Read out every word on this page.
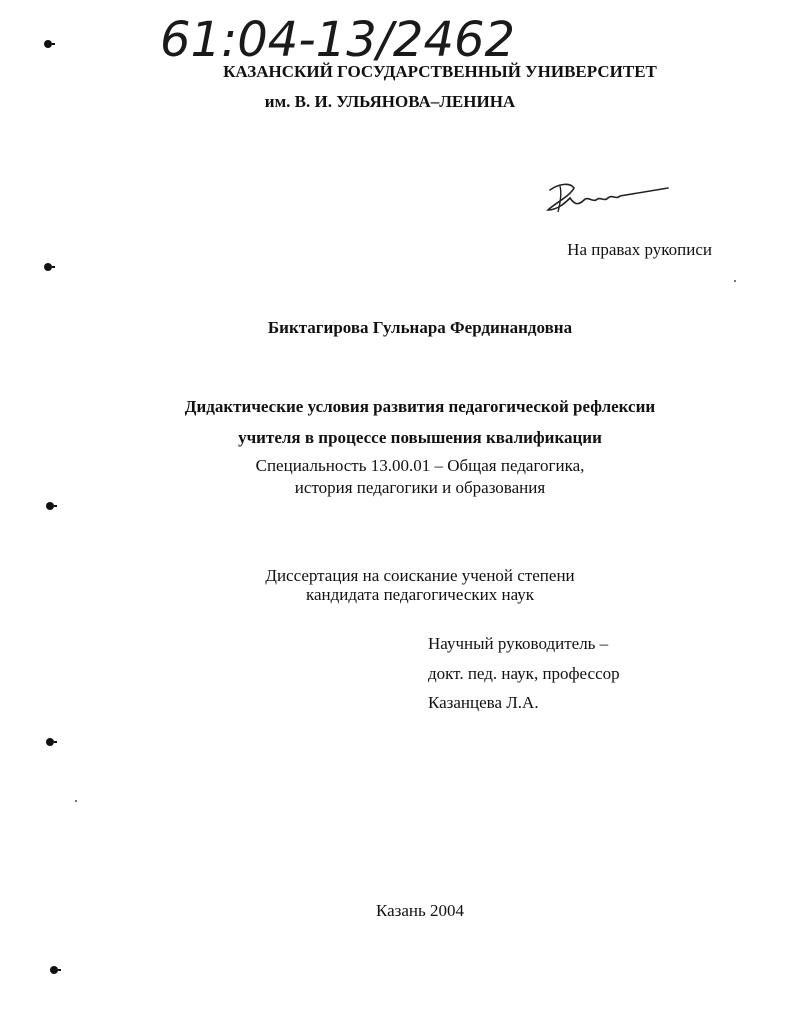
61:04-13/2462
КАЗАНСКИЙ ГОСУДАРСТВЕННЫЙ УНИВЕРСИТЕТ
им. В. И. УЛЬЯНОВА–ЛЕНИНА
На правах рукописи
Биктагирова Гульнара Фердинандовна
Дидактические условия развития педагогической рефлексии
учителя в процессе повышения квалификации
Специальность 13.00.01 – Общая педагогика,
история педагогики и образования
Диссертация на соискание ученой степени
кандидата педагогических наук
Научный руководитель –
докт. пед. наук, профессор
Казанцева Л.А.
Казань 2004
